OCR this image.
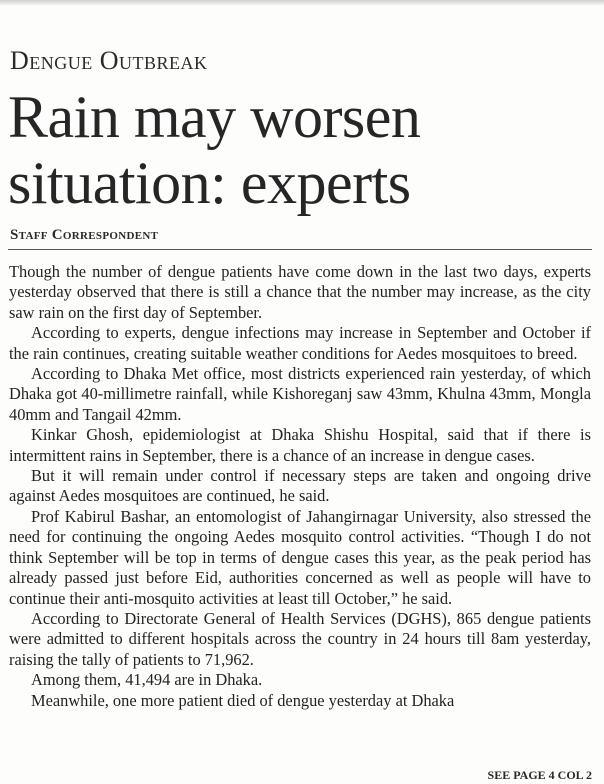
Dengue Outbreak
Rain may worsen situation: experts
Staff Correspondent

Though the number of dengue patients have come down in the last two days, experts yesterday observed that there is still a chance that the number may increase, as the city saw rain on the first day of September.

According to experts, dengue infections may increase in September and October if the rain continues, creating suitable weather conditions for Aedes mosquitoes to breed.

According to Dhaka Met office, most districts experienced rain yesterday, of which Dhaka got 40-millimetre rainfall, while Kishoreganj saw 43mm, Khulna 43mm, Mongla 40mm and Tangail 42mm.

Kinkar Ghosh, epidemiologist at Dhaka Shishu Hospital, said that if there is intermittent rains in September, there is a chance of an increase in dengue cases.

But it will remain under control if necessary steps are taken and ongoing drive against Aedes mosquitoes are continued, he said.

Prof Kabirul Bashar, an entomologist of Jahangirnagar University, also stressed the need for continuing the ongoing Aedes mosquito control activities. “Though I do not think September will be top in terms of dengue cases this year, as the peak period has already passed just before Eid, authorities concerned as well as people will have to continue their anti-mosquito activities at least till October,” he said.

According to Directorate General of Health Services (DGHS), 865 dengue patients were admitted to different hospitals across the country in 24 hours till 8am yesterday, raising the tally of patients to 71,962.

Among them, 41,494 are in Dhaka.

Meanwhile, one more patient died of dengue yesterday at Dhaka

SEE PAGE 4 COL 2
